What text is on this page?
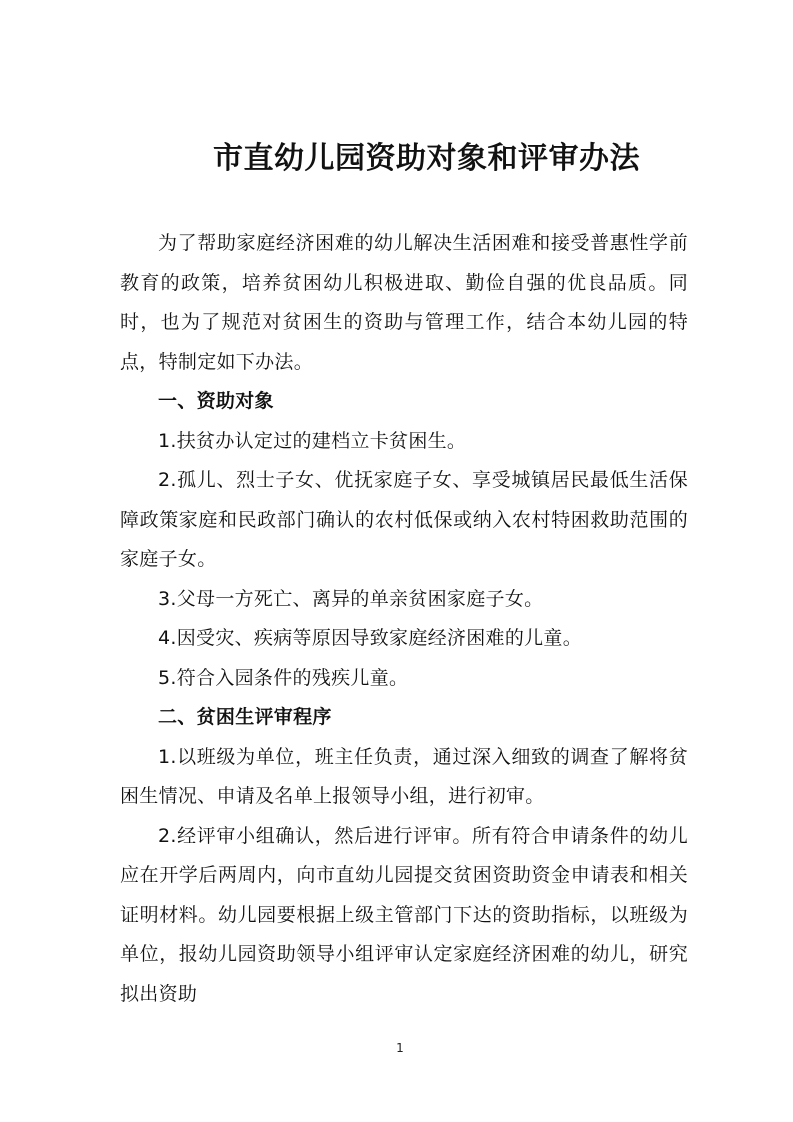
市直幼儿园资助对象和评审办法

为了帮助家庭经济困难的幼儿解决生活困难和接受普惠性学前教育的政策，培养贫困幼儿积极进取、勤俭自强的优良品质。同时，也为了规范对贫困生的资助与管理工作，结合本幼儿园的特点，特制定如下办法。

一、资助对象

1.扶贫办认定过的建档立卡贫困生。

2.孤儿、烈士子女、优抚家庭子女、享受城镇居民最低生活保障政策家庭和民政部门确认的农村低保或纳入农村特困救助范围的家庭子女。

3.父母一方死亡、离异的单亲贫困家庭子女。

4.因受灾、疾病等原因导致家庭经济困难的儿童。

5.符合入园条件的残疾儿童。

二、贫困生评审程序

1.以班级为单位，班主任负责，通过深入细致的调查了解将贫困生情况、申请及名单上报领导小组，进行初审。

2.经评审小组确认，然后进行评审。所有符合申请条件的幼儿应在开学后两周内，向市直幼儿园提交贫困资助资金申请表和相关证明材料。幼儿园要根据上级主管部门下达的资助指标，以班级为单位，报幼儿园资助领导小组评审认定家庭经济困难的幼儿，研究拟出资助

1
